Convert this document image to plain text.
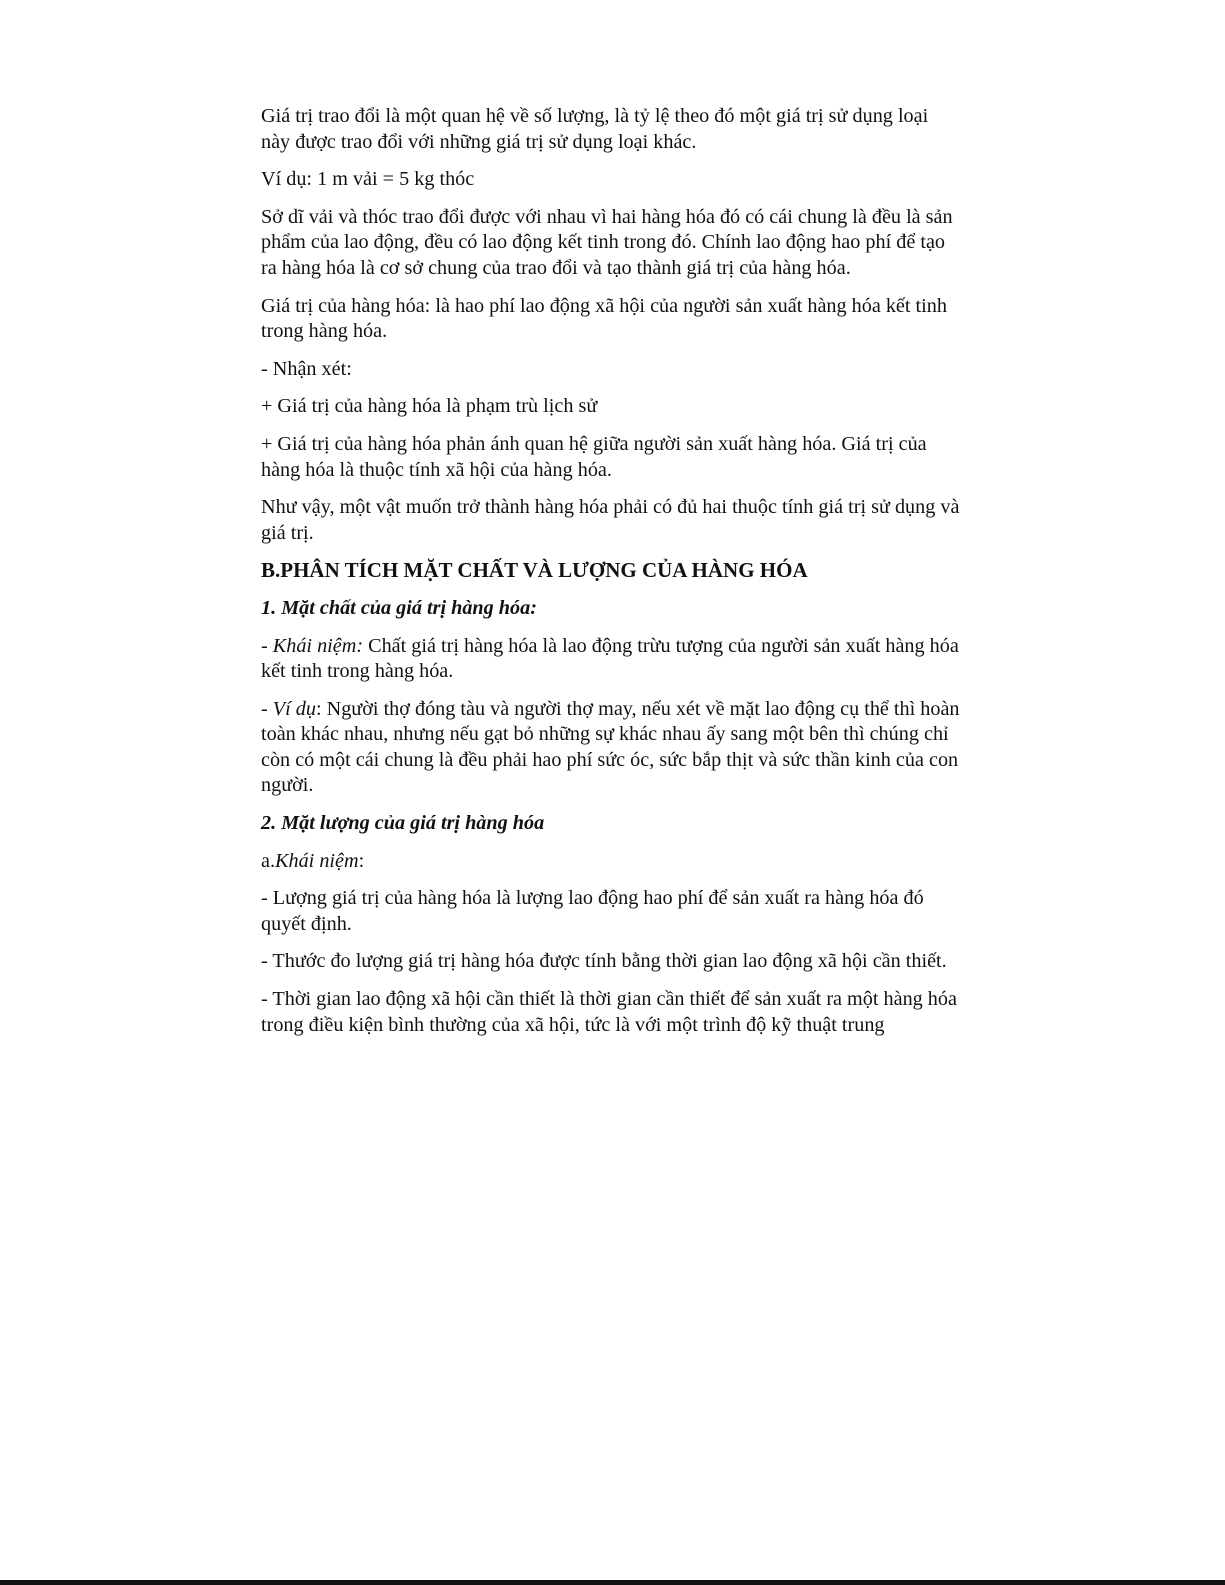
Giá trị trao đổi là một quan hệ về số lượng, là tỷ lệ theo đó một giá trị sử dụng loại này được trao đổi với những giá trị sử dụng loại khác.

Ví dụ: 1 m vải = 5 kg thóc

Sở dĩ vải và thóc trao đổi được với nhau vì hai hàng hóa đó có cái chung là đều là sản phẩm của lao động, đều có lao động kết tinh trong đó. Chính lao động hao phí để tạo ra hàng hóa là cơ sở chung của trao đổi và tạo thành giá trị của hàng hóa.

Giá trị của hàng hóa: là hao phí lao động xã hội của người sản xuất hàng hóa kết tinh trong hàng hóa.

- Nhận xét:

+ Giá trị của hàng hóa là phạm trù lịch sử

+ Giá trị của hàng hóa phản ánh quan hệ giữa người sản xuất hàng hóa. Giá trị của hàng hóa là thuộc tính xã hội của hàng hóa.

Như vậy, một vật muốn trở thành hàng hóa phải có đủ hai thuộc tính giá trị sử dụng và giá trị.

B.PHÂN TÍCH MẶT CHẤT VÀ LƯỢNG CỦA HÀNG HÓA

1. Mặt chất của giá trị hàng hóa:

- Khái niệm: Chất giá trị hàng hóa là lao động trừu tượng của người sản xuất hàng hóa kết tinh trong hàng hóa.

- Ví dụ: Người thợ đóng tàu và người thợ may, nếu xét về mặt lao động cụ thể thì hoàn toàn khác nhau, nhưng nếu gạt bỏ những sự khác nhau ấy sang một bên thì chúng chỉ còn có một cái chung là đều phải hao phí sức óc, sức bắp thịt và sức thần kinh của con người.

2. Mặt lượng của giá trị hàng hóa

a.Khái niệm:

- Lượng giá trị của hàng hóa là lượng lao động hao phí để sản xuất ra hàng hóa đó quyết định.

- Thước đo lượng giá trị hàng hóa được tính bằng thời gian lao động xã hội cần thiết.

- Thời gian lao động xã hội cần thiết là thời gian cần thiết để sản xuất ra một hàng hóa trong điều kiện bình thường của xã hội, tức là với một trình độ kỹ thuật trung
